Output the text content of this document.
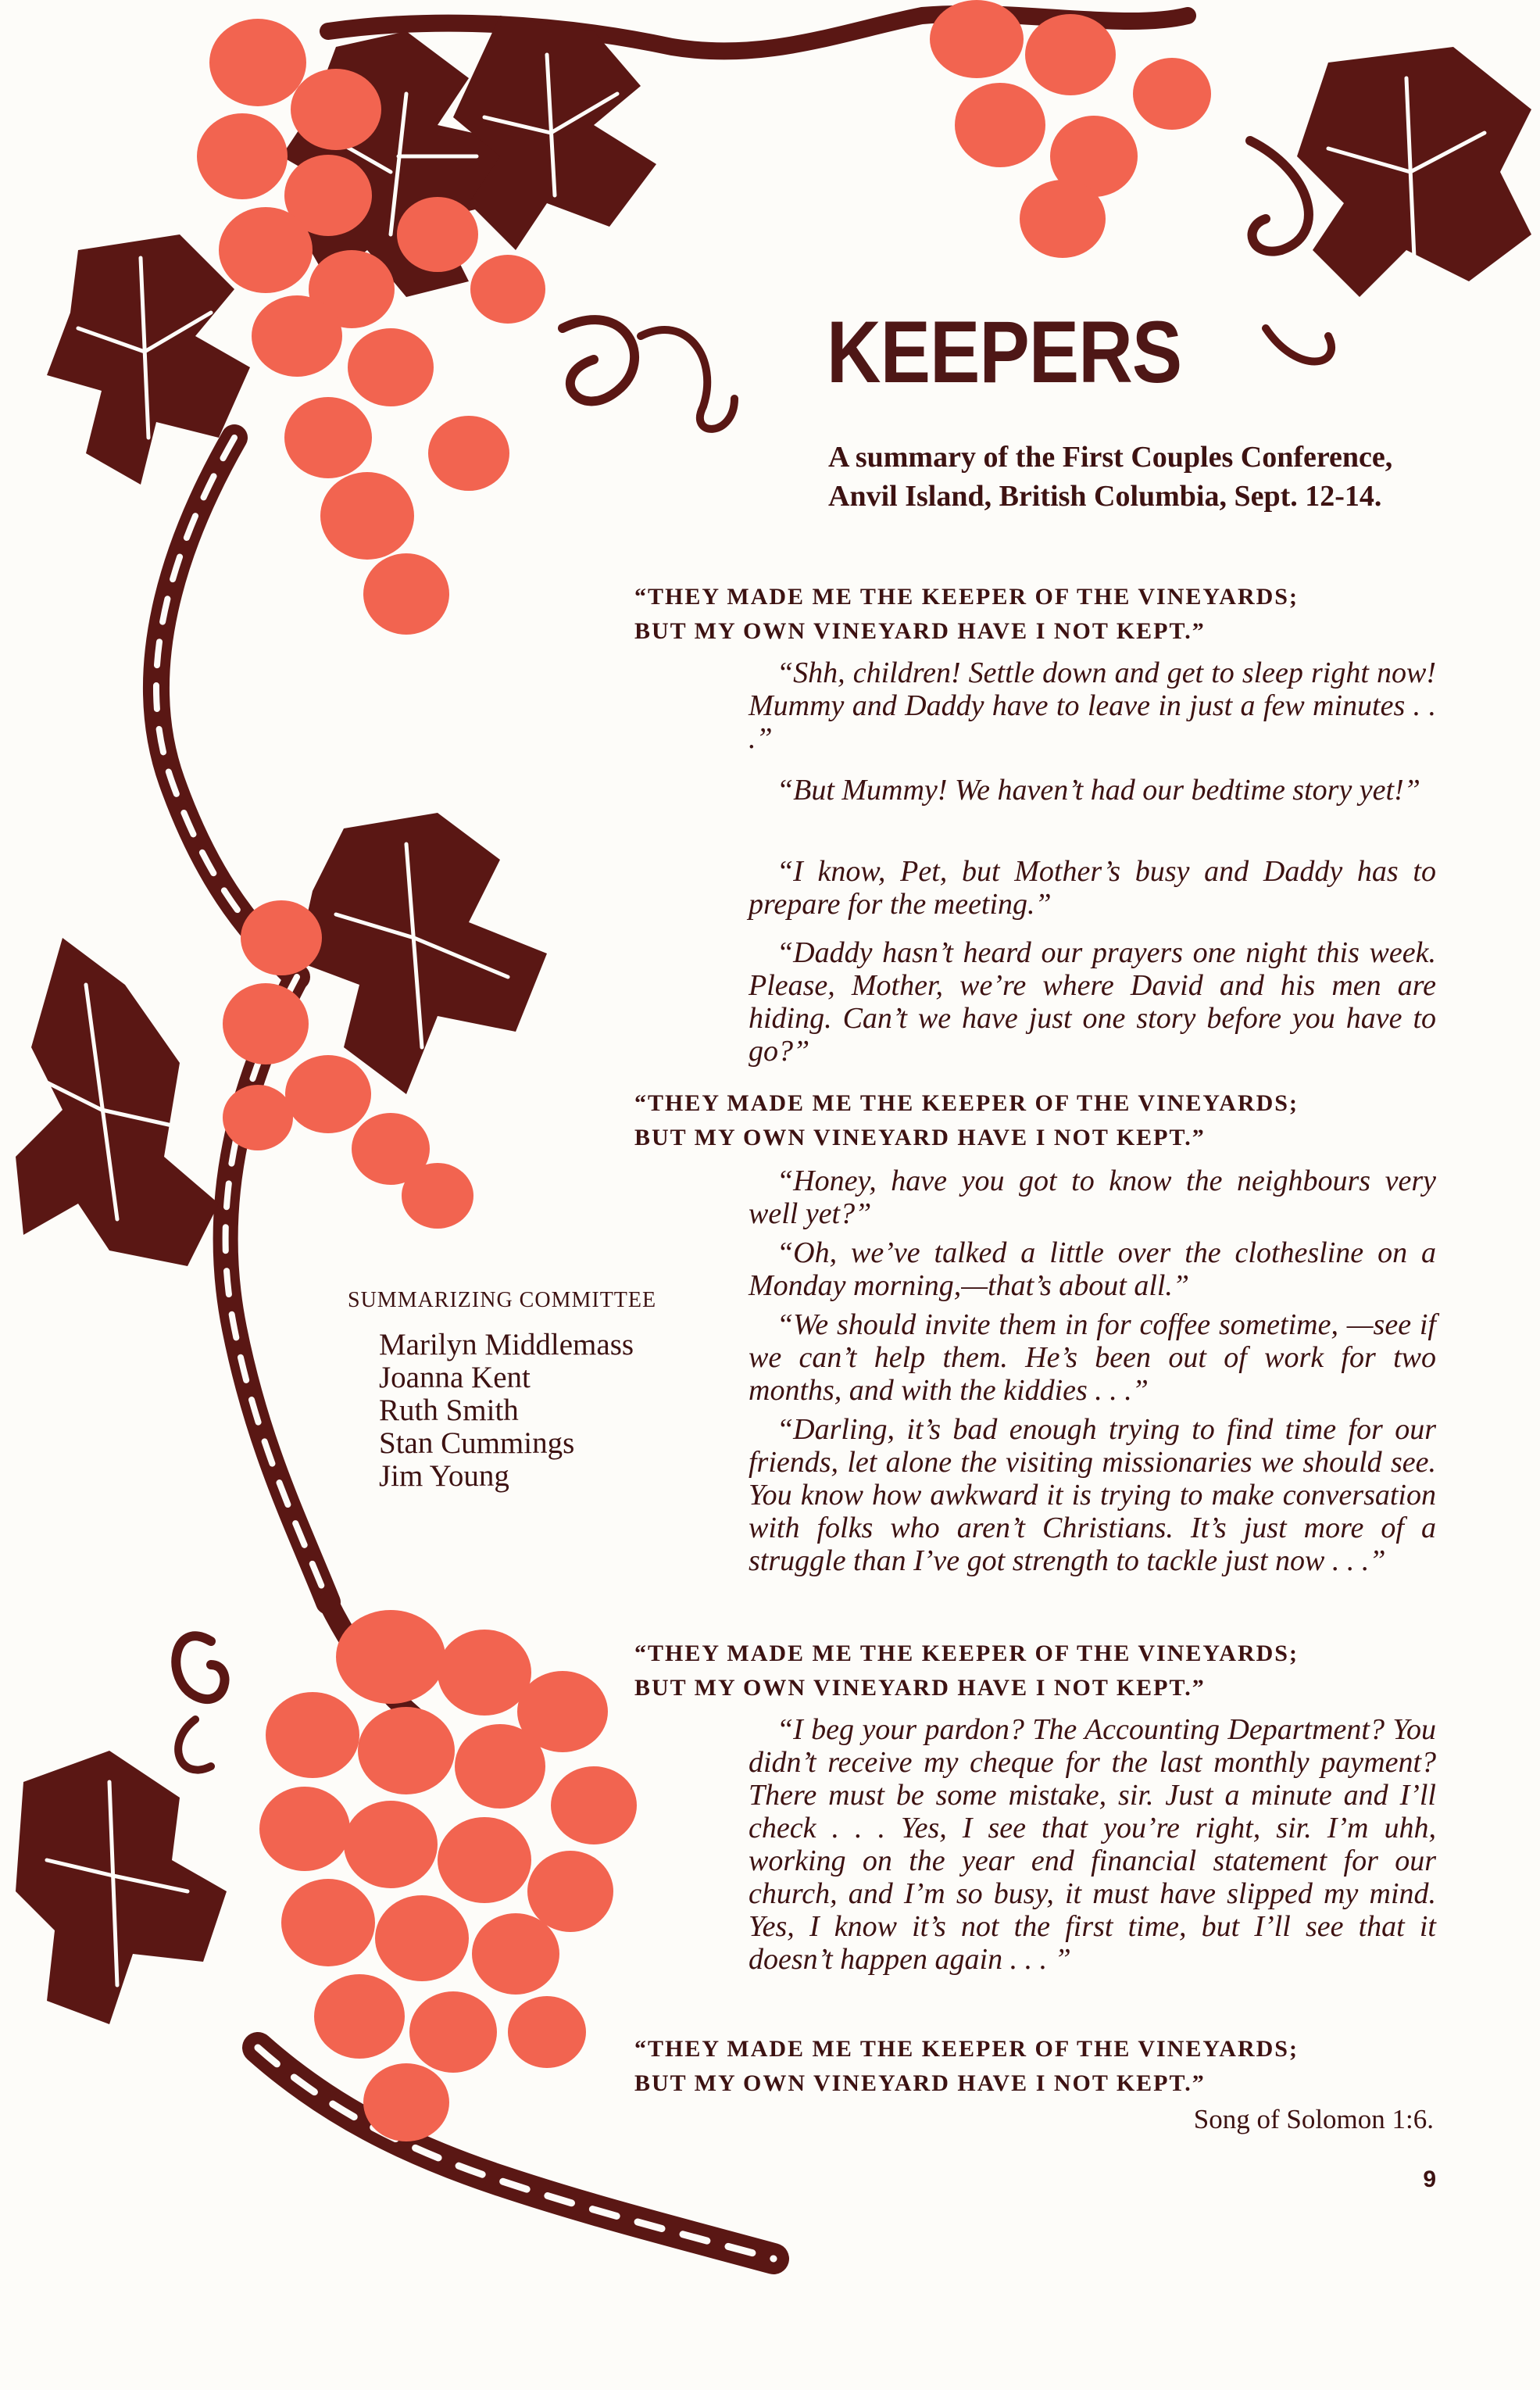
KEEPERS
A summary of the First Couples Conference,
Anvil Island, British Columbia, Sept. 12-14.
“THEY MADE ME THE KEEPER OF THE VINEYARDS;
BUT MY OWN VINEYARD HAVE I NOT KEPT.”

“Shh, children! Settle down and get to sleep right now! Mummy and Daddy have to leave in just a few minutes . . .”

“But Mummy! We haven’t had our bedtime story yet!”

“I know, Pet, but Mother’s busy and Daddy has to prepare for the meeting.”

“Daddy hasn’t heard our prayers one night this week. Please, Mother, we’re where David and his men are hiding. Can’t we have just one story before you have to go?”

“THEY MADE ME THE KEEPER OF THE VINEYARDS;
BUT MY OWN VINEYARD HAVE I NOT KEPT.”

“Honey, have you got to know the neighbours very well yet?”

“Oh, we’ve talked a little over the clothesline on a Monday morning,—that’s about all.”

“We should invite them in for coffee sometime, —see if we can’t help them. He’s been out of work for two months, and with the kiddies . . .”

“Darling, it’s bad enough trying to find time for our friends, let alone the visiting missionaries we should see. You know how awkward it is trying to make conversation with folks who aren’t Christians. It’s just more of a struggle than I’ve got strength to tackle just now . . .”

“THEY MADE ME THE KEEPER OF THE VINEYARDS;
BUT MY OWN VINEYARD HAVE I NOT KEPT.”

“I beg your pardon? The Accounting Department? You didn’t receive my cheque for the last monthly payment? There must be some mistake, sir. Just a minute and I’ll check . . . Yes, I see that you’re right, sir. I’m uhh, working on the year end financial statement for our church, and I’m so busy, it must have slipped my mind. Yes, I know it’s not the first time, but I’ll see that it doesn’t happen again . . . ”

“THEY MADE ME THE KEEPER OF THE VINEYARDS;
BUT MY OWN VINEYARD HAVE I NOT KEPT.”
SUMMARIZING COMMITTEE
Marilyn Middlemass
Joanna Kent
Ruth Smith
Stan Cummings
Jim Young
Song of Solomon 1:6.
9
